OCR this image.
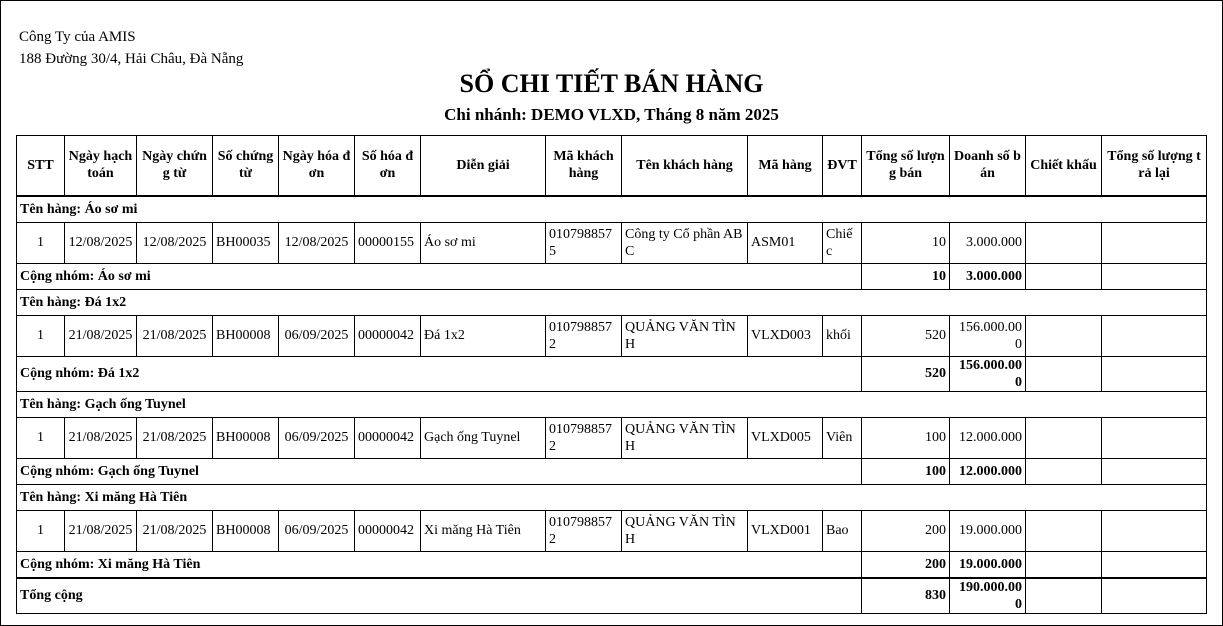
Công Ty của AMIS
188 Đường 30/4, Hải Châu, Đà Nẵng
SỔ CHI TIẾT BÁN HÀNG
Chi nhánh: DEMO VLXD, Tháng 8 năm 2025
STT	Ngày hạch toán	Ngày chứng từ	Số chứng từ	Ngày hóa đơn	Số hóa đơn	Diễn giải	Mã khách hàng	Tên khách hàng	Mã hàng	ĐVT	Tổng số lượng bán	Doanh số bán	Chiết khấu	Tổng số lượng trả lại
Tên hàng: Áo sơ mi														
1	12/08/2025	12/08/2025	BH00035	12/08/2025	00000155	Áo sơ mi	0107988575	Công ty Cổ phần ABC	ASM01	Chiếc	10	3.000.000		
Cộng nhóm: Áo sơ mi											10	3.000.000		
Tên hàng: Đá 1x2														
1	21/08/2025	21/08/2025	BH00008	06/09/2025	00000042	Đá 1x2	0107988572	QUẢNG VĂN TÌNH	VLXD003	khối	520	156.000.000		
Cộng nhóm: Đá 1x2											520	156.000.000		
Tên hàng: Gạch ống Tuynel														
1	21/08/2025	21/08/2025	BH00008	06/09/2025	00000042	Gạch ống Tuynel	0107988572	QUẢNG VĂN TÌNH	VLXD005	Viên	100	12.000.000		
Cộng nhóm: Gạch ống Tuynel											100	12.000.000		
Tên hàng: Xi măng Hà Tiên														
1	21/08/2025	21/08/2025	BH00008	06/09/2025	00000042	Xi măng Hà Tiên	0107988572	QUẢNG VĂN TÌNH	VLXD001	Bao	200	19.000.000		
Cộng nhóm: Xi măng Hà Tiên											200	19.000.000		
Tổng cộng											830	190.000.000		
